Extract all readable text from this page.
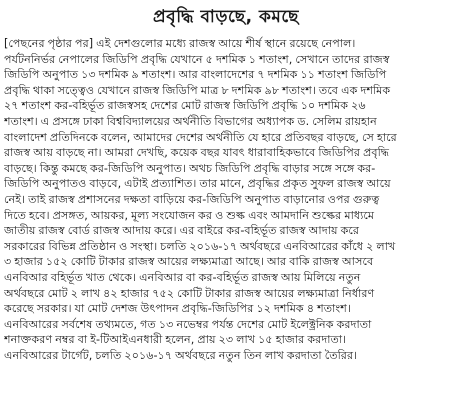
প্রবৃদ্ধি বাড়ছে, কমছে
[পেছনের পৃষ্ঠার পর] এই দেশগুলোর মধ্যে রাজস্ব আয়ে শীর্ষ স্থানে রয়েছে নেপাল।
পর্যটননির্ভর নেপালের জিডিপি প্রবৃদ্ধি যেখানে ৫ দশমিক ১ শতাংশ, সেখানে তাদের রাজস্ব
জিডিপি অনুপাত ১৩ দশমিক ৯ শতাংশ। আর বাংলাদেশের ৭ দশমিক ১১ শতাংশ জিডিপি
প্রবৃদ্ধি থাকা সত্ত্বেও যেখানে রাজস্ব জিডিপি মাত্র ৮ দশমিক ৯৮ শতাংশ। তবে এক দশমিক
২৭ শতাংশ কর-বহির্ভূত রাজস্বসহ দেশের মোট রাজস্ব জিডিপি প্রবৃদ্ধি ১০ দশমিক ২৬
শতাংশ। এ প্রসঙ্গে ঢাকা বিশ্ববিদ্যালয়ের অর্থনীতি বিভাগের অধ্যাপক ড. সেলিম রায়হান
বাংলাদেশ প্রতিদিনকে বলেন, আমাদের দেশের অর্থনীতি যে হারে প্রতিবছর বাড়ছে, সে হারে
রাজস্ব আয় বাড়ছে না। আমরা দেখছি, কয়েক বছর যাবৎ ধারাবাহিকভাবে জিডিপির প্রবৃদ্ধি
বাড়ছে। কিন্তু কমছে কর-জিডিপি অনুপাত। অথচ জিডিপি প্রবৃদ্ধি বাড়ার সঙ্গে সঙ্গে কর-
জিডিপি অনুপাতও বাড়বে, এটাই প্রত্যাশিত। তার মানে, প্রবৃদ্ধির প্রকৃত সুফল রাজস্ব আয়ে
নেই। তাই রাজস্ব প্রশাসনের দক্ষতা বাড়িয়ে কর-জিডিপি অনুপাত বাড়ানোর ওপর গুরুত্ব
দিতে হবে। প্রসঙ্গত, আয়কর, মূল্য সংযোজন কর ও শুল্ক এবং আমদানি শুল্কের মাধ্যমে
জাতীয় রাজস্ব বোর্ড রাজস্ব আদায় করে। এর বাইরে কর-বহির্ভূত রাজস্ব আদায় করে
সরকারের বিভিন্ন প্রতিষ্ঠান ও সংস্থা। চলতি ২০১৬-১৭ অর্থবছরে এনবিআরের কাঁধে ২ লাখ
৩ হাজার ১৫২ কোটি টাকার রাজস্ব আয়ের লক্ষ্যমাত্রা আছে। আর বাকি রাজস্ব আসবে
এনবিআর বহির্ভূত খাত থেকে। এনবিআর বা কর-বহির্ভূত রাজস্ব আয় মিলিয়ে নতুন
অর্থবছরে মোট ২ লাখ ৪২ হাজার ৭৫২ কোটি টাকার রাজস্ব আয়ের লক্ষ্যমাত্রা নির্ধারণ
করেছে সরকার। যা মোট দেশজ উৎপাদন প্রবৃদ্ধি-জিডিপির ১২ দশমিক ৪ শতাংশ।
এনবিআরের সর্বশেষ তথ্যমতে, গত ১৩ নভেম্বর পর্যন্ত দেশের মোট ইলেক্ট্রনিক করদাতা
শনাক্তকরণ নম্বর বা ই-টিআইএনধারী হলেন, প্রায় ২৩ লাখ ১৫ হাজার করদাতা।
এনবিআরের টার্গেট, চলতি ২০১৬-১৭ অর্থবছরে নতুন তিন লাখ করদাতা তৈরির।
